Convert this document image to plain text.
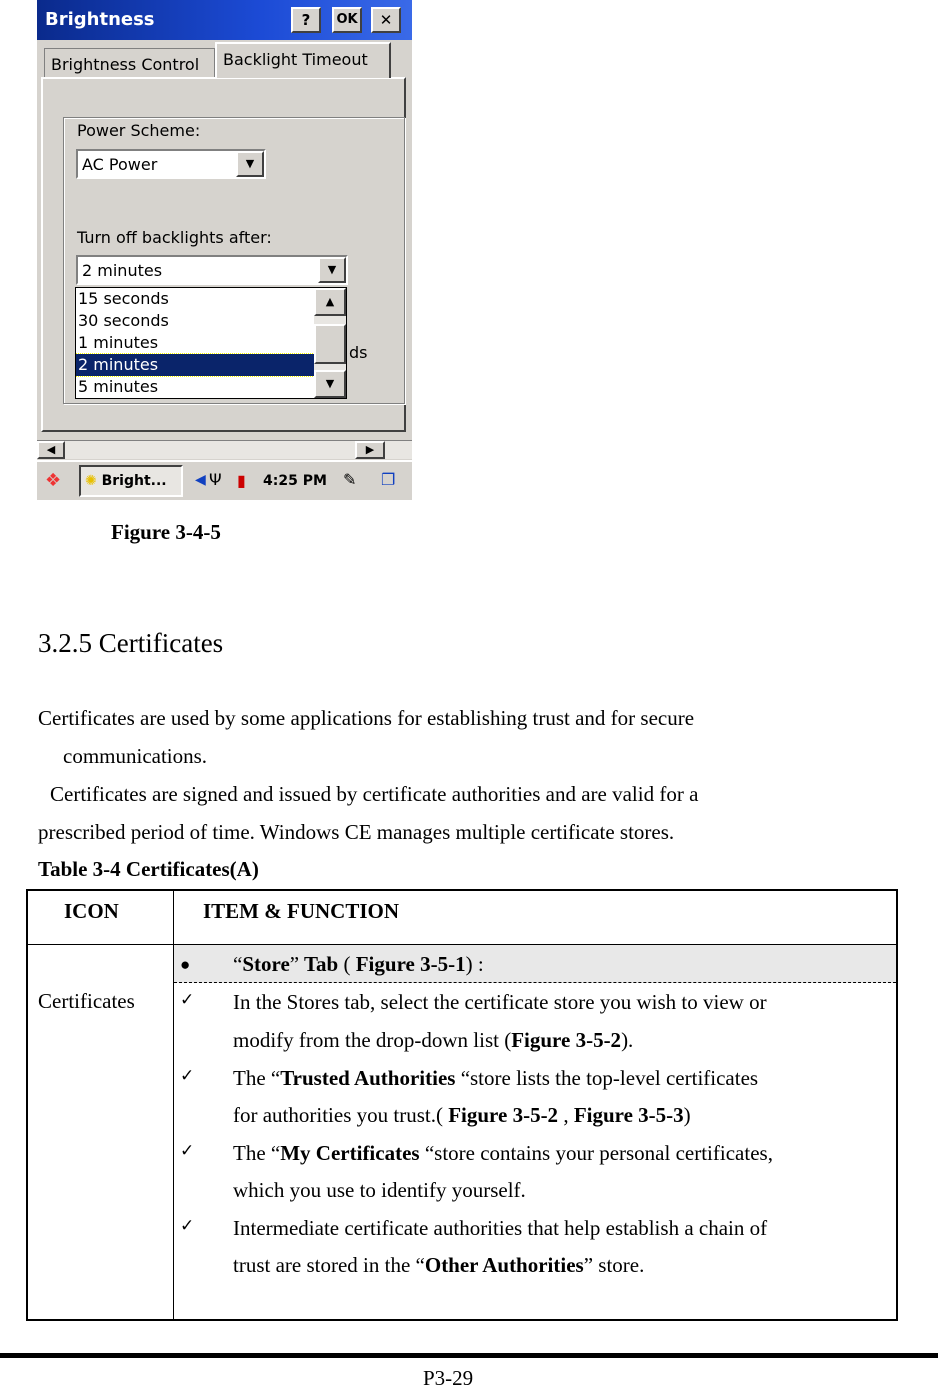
Brightness	?	OK	✕
Brightness Control	Backlight Timeout
Power Scheme:
AC Power	▼
Turn off backlights after:
2 minutes	▼
ds
15 seconds
30 seconds
1 minutes
2 minutes
5 minutes
▲
▼
◀	▶
❖	✺ Bright...	◀ Ψ ▮ 4:25 PM ✎ ❐
Figure 3-4-5
3.2.5 Certificates
Certificates are used by some applications for establishing trust and for secure
communications.
Certificates are signed and issued by certificate authorities and are valid for a
prescribed period of time. Windows CE manages multiple certificate stores.
Table 3-4 Certificates(A)
ICON	ITEM & FUNCTION
Certificates
● “Store” Tab ( Figure 3-5-1) :
✓ In the Stores tab, select the certificate store you wish to view or
modify from the drop-down list (Figure 3-5-2).
✓ The “Trusted Authorities “store lists the top-level certificates
for authorities you trust.( Figure 3-5-2 , Figure 3-5-3)
✓ The “My Certificates “store contains your personal certificates,
which you use to identify yourself.
✓ Intermediate certificate authorities that help establish a chain of
trust are stored in the “Other Authorities” store.
P3-29
